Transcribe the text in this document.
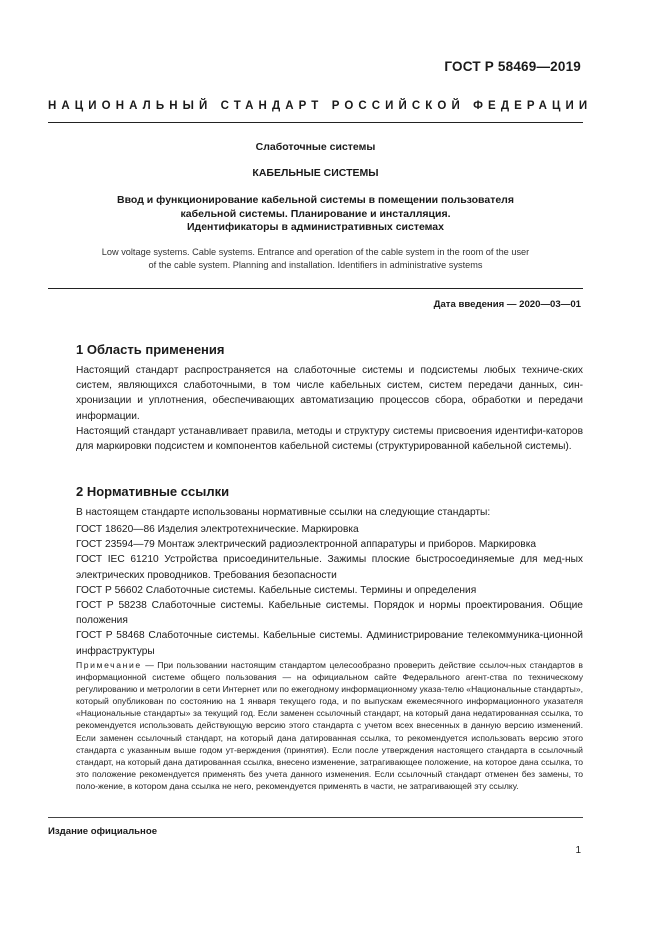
ГОСТ Р 58469—2019
НАЦИОНАЛЬНЫЙ СТАНДАРТ РОССИЙСКОЙ ФЕДЕРАЦИИ
Слаботочные системы
КАБЕЛЬНЫЕ СИСТЕМЫ
Ввод и функционирование кабельной системы в помещении пользователя
кабельной системы. Планирование и инсталляция.
Идентификаторы в административных системах
Low voltage systems. Cable systems. Entrance and operation of the cable system in the room of the user
of the cable system. Planning and installation. Identifiers in administrative systems
Дата введения — 2020—03—01
1 Область применения
Настоящий стандарт распространяется на слаботочные системы и подсистемы любых техниче-ских систем, являющихся слаботочными, в том числе кабельных систем, систем передачи данных, син-хронизации и уплотнения, обеспечивающих автоматизацию процессов сбора, обработки и передачи информации.
Настоящий стандарт устанавливает правила, методы и структуру системы присвоения идентифи-каторов для маркировки подсистем и компонентов кабельной системы (структурированной кабельной системы).
2 Нормативные ссылки
В настоящем стандарте использованы нормативные ссылки на следующие стандарты:
ГОСТ 18620—86 Изделия электротехнические. Маркировка
ГОСТ 23594—79 Монтаж электрический радиоэлектронной аппаратуры и приборов. Маркировка
ГОСТ IEC 61210 Устройства присоединительные. Зажимы плоские быстросоединяемые для мед-ных электрических проводников. Требования безопасности
ГОСТ Р 56602 Слаботочные системы. Кабельные системы. Термины и определения
ГОСТ Р 58238 Слаботочные системы. Кабельные системы. Порядок и нормы проектирования. Общие положения
ГОСТ Р 58468 Слаботочные системы. Кабельные системы. Администрирование телекоммуника-ционной инфраструктуры
Примечание — При пользовании настоящим стандартом целесообразно проверить действие ссылоч-ных стандартов в информационной системе общего пользования — на официальном сайте Федерального агент-ства по техническому регулированию и метрологии в сети Интернет или по ежегодному информационному указа-телю «Национальные стандарты», который опубликован по состоянию на 1 января текущего года, и по выпускам ежемесячного информационного указателя «Национальные стандарты» за текущий год. Если заменен ссылочный стандарт, на который дана недатированная ссылка, то рекомендуется использовать действующую версию этого стандарта с учетом всех внесенных в данную версию изменений. Если заменен ссылочный стандарт, на который дана датированная ссылка, то рекомендуется использовать версию этого стандарта с указанным выше годом ут-верждения (принятия). Если после утверждения настоящего стандарта в ссылочный стандарт, на который дана датированная ссылка, внесено изменение, затрагивающее положение, на которое дана ссылка, то это положение рекомендуется применять без учета данного изменения. Если ссылочный стандарт отменен без замены, то поло-жение, в котором дана ссылка не него, рекомендуется применять в части, не затрагивающей эту ссылку.
Издание официальное
1
